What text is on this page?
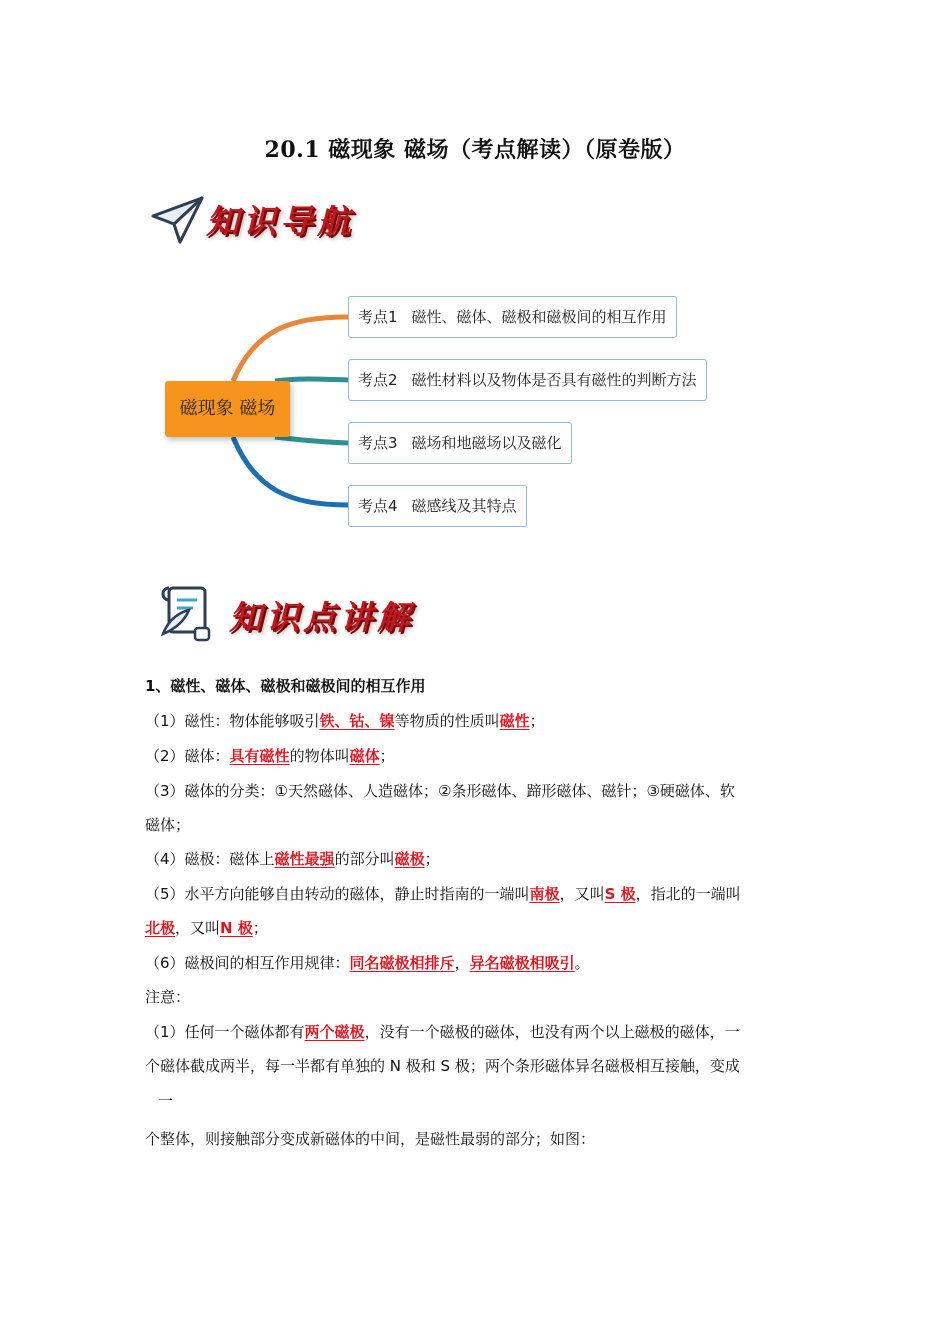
20.1 磁现象 磁场（考点解读）（原卷版）
知识导航
磁现象 磁场
考点1 磁性、磁体、磁极和磁极间的相互作用
考点2 磁性材料以及物体是否具有磁性的判断方法
考点3 磁场和地磁场以及磁化
考点4 磁感线及其特点
知识点讲解
1、磁性、磁体、磁极和磁极间的相互作用
（1）磁性：物体能够吸引铁、钴、镍等物质的性质叫磁性；
（2）磁体：具有磁性的物体叫磁体；
（3）磁体的分类：①天然磁体、人造磁体；②条形磁体、蹄形磁体、磁针；③硬磁体、软
磁体；
（4）磁极：磁体上磁性最强的部分叫磁极；
（5）水平方向能够自由转动的磁体，静止时指南的一端叫南极，又叫S 极，指北的一端叫
北极，又叫N 极；
（6）磁极间的相互作用规律：同名磁极相排斥，异名磁极相吸引。
注意：
（1）任何一个磁体都有两个磁极，没有一个磁极的磁体，也没有两个以上磁极的磁体，一
个磁体截成两半，每一半都有单独的 N 极和 S 极；两个条形磁体异名磁极相互接触，变成
一
个整体，则接触部分变成新磁体的中间，是磁性最弱的部分；如图：
